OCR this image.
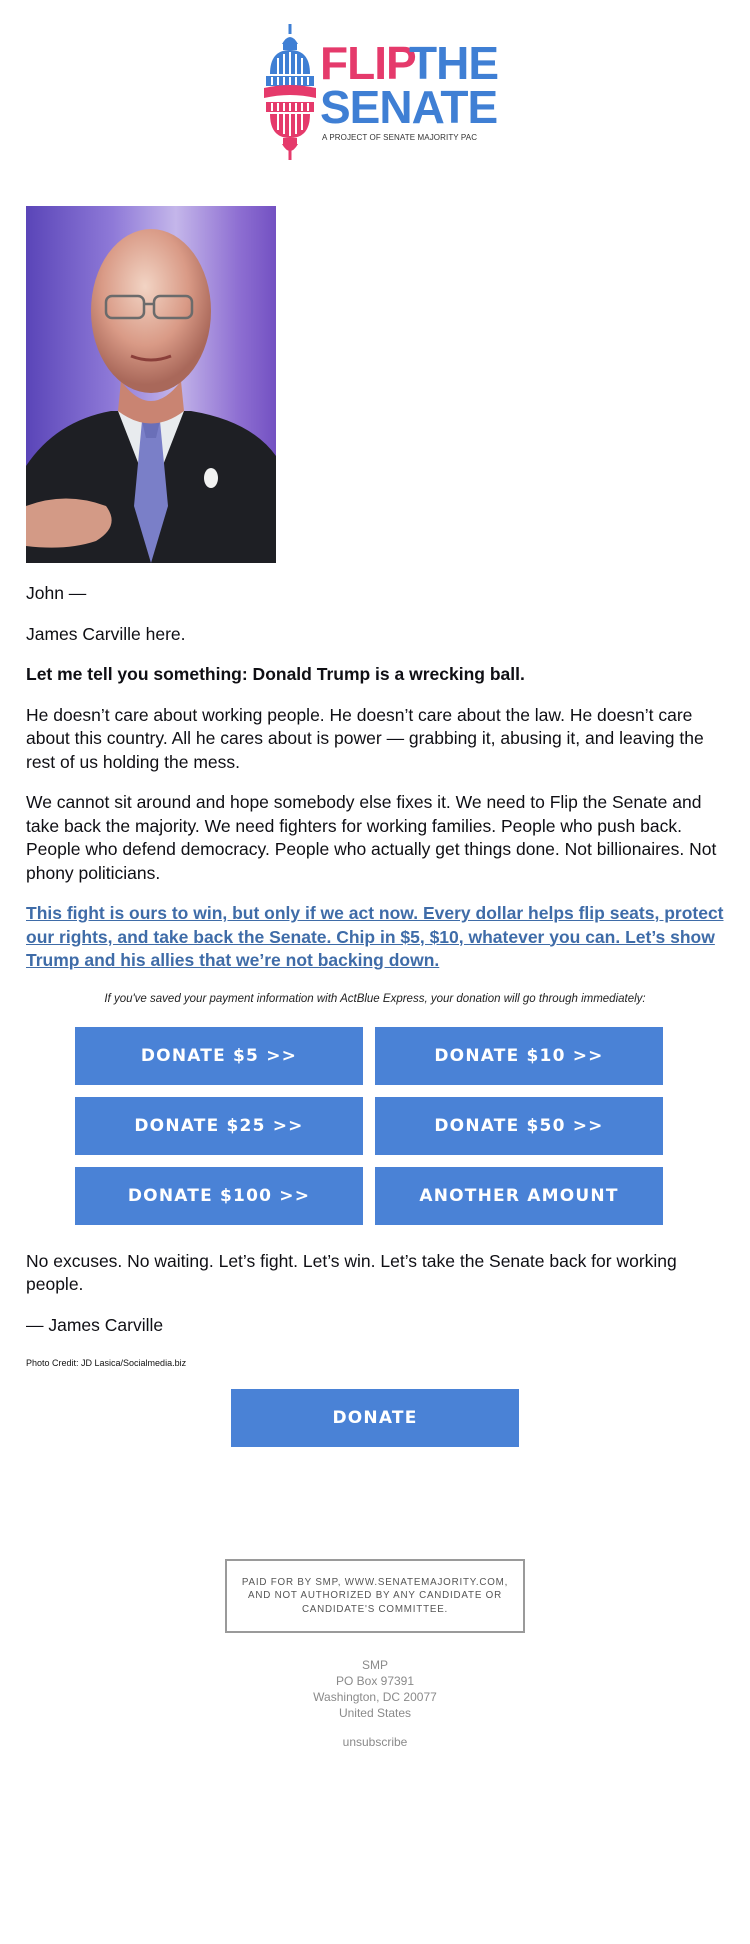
FLIP
THE
SENATE
A PROJECT OF SENATE MAJORITY PAC

John —

James Carville here.

Let me tell you something: Donald Trump is a wrecking ball.

He doesn’t care about working people. He doesn’t care about the law. He doesn’t care about this country. All he cares about is power — grabbing it, abusing it, and leaving the rest of us holding the mess.

We cannot sit around and hope somebody else fixes it. We need to Flip the Senate and take back the majority. We need fighters for working families. People who push back. People who defend democracy. People who actually get things done. Not billionaires. Not phony politicians.

This fight is ours to win, but only if we act now. Every dollar helps flip seats, protect our rights, and take back the Senate. Chip in $5, $10, whatever you can. Let’s show Trump and his allies that we’re not backing down.

If you've saved your payment information with ActBlue Express, your donation will go through immediately:
DONATE $5 >>	DONATE $10 >>
DONATE $25 >>	DONATE $50 >>
DONATE $100 >>	ANOTHER AMOUNT

No excuses. No waiting. Let’s fight. Let’s win. Let’s take the Senate back for working people.

— James Carville

Photo Credit: JD Lasica/Socialmedia.biz
DONATE
PAID FOR BY SMP, WWW.SENATEMAJORITY.COM, AND NOT AUTHORIZED BY ANY CANDIDATE OR CANDIDATE'S COMMITTEE.
SMP
PO Box 97391
Washington, DC 20077
United States
unsubscribe
